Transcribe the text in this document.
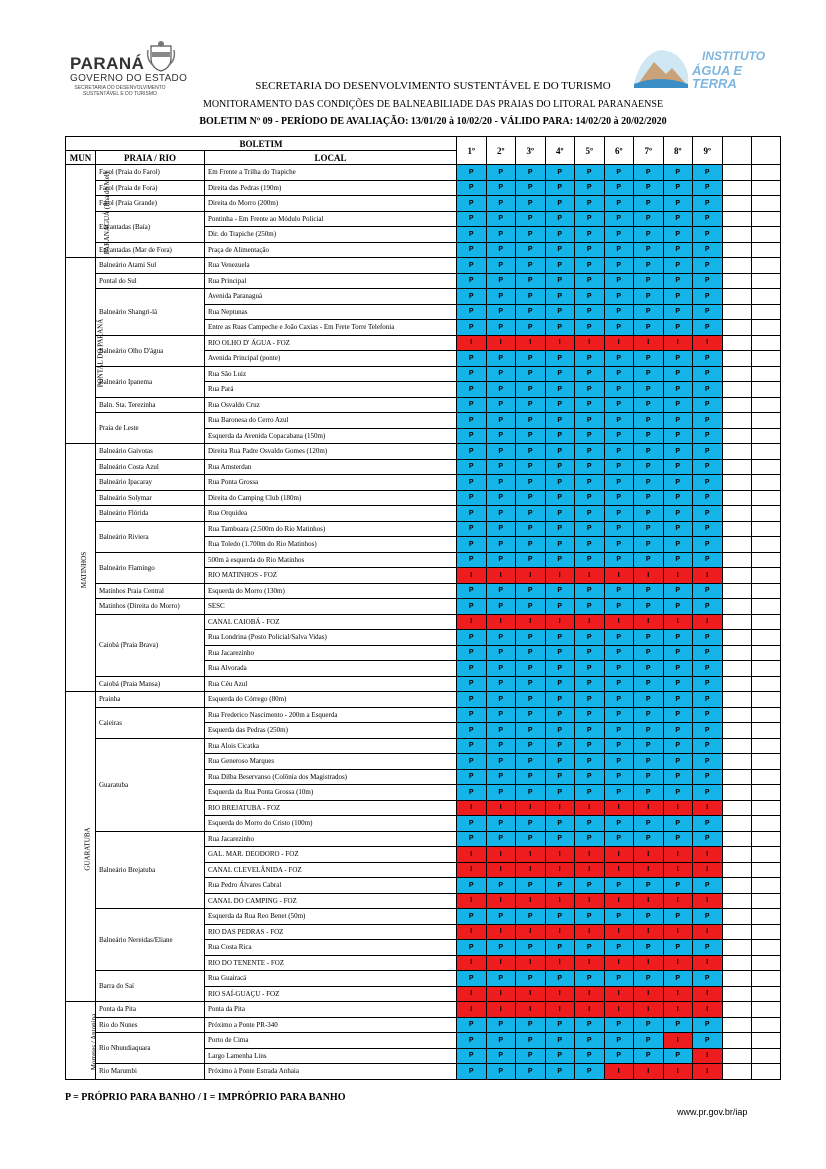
PARANÁ
GOVERNO DO ESTADO
SECRETARIA DO DESENVOLVIMENTO SUSTENTÁVEL E DO TURISMO
INSTITUTO
ÁGUA E TERRA
SECRETARIA DO DESENVOLVIMENTO SUSTENTÁVEL E DO TURISMO
MONITORAMENTO DAS CONDIÇÕES DE BALNEABILIADE DAS PRAIAS DO LITORAL PARANAENSE
BOLETIM Nº 09 - PERÍODO DE AVALIAÇÃO: 13/01/20 à 10/02/20 - VÁLIDO PARA: 14/02/20 à 20/02/2020
BOLETIM			1º	2º	3º	4º	5º	6º	7º	8º	9º		
MUN	PRAIA / RIO	LOCAL											
PARANAGUÁ (Ilha do Mel)	Farol (Praia do Farol)	Em Frente a Trilha do Trapiche	P	P	P	P	P	P	P	P	P		
	Farol (Praia de Fora)	Direita das Pedras (190m)	P	P	P	P	P	P	P	P	P		
	Farol (Praia Grande)	Direita do Morro (200m)	P	P	P	P	P	P	P	P	P		
	Encantadas (Baía)	Pontinha - Em Frente ao Módulo Policial	P	P	P	P	P	P	P	P	P		
		Dir. do Trapiche (250m)	P	P	P	P	P	P	P	P	P		
	Encantadas (Mar de Fora)	Praça de Alimentação	P	P	P	P	P	P	P	P	P		
PONTAL DO PARANÁ	Balneário Atami Sul	Rua Venezuela	P	P	P	P	P	P	P	P	P		
	Pontal do Sul	Rua Principal	P	P	P	P	P	P	P	P	P		
	Balneário Shangri-lá	Avenida Paranaguá	P	P	P	P	P	P	P	P	P		
		Rua Neptunas	P	P	P	P	P	P	P	P	P		
		Entre as Ruas Campeche e João Caxias - Em Frete Torre Telefonia	P	P	P	P	P	P	P	P	P		
	Balneário Olho D'água	RIO OLHO D' ÁGUA - FOZ	I	I	I	I	I	I	I	I	I		
		Avenida Principal (ponte)	P	P	P	P	P	P	P	P	P		
	Balneário Ipanema	Rua São Luiz	P	P	P	P	P	P	P	P	P		
		Rua Pará	P	P	P	P	P	P	P	P	P		
	Baln. Sta. Terezinha	Rua Osvaldo Cruz	P	P	P	P	P	P	P	P	P		
	Praia de Leste	Rua Baronesa do Cerro Azul	P	P	P	P	P	P	P	P	P		
		Esquerda da Avenida Copacabana (150m)	P	P	P	P	P	P	P	P	P		
MATINHOS	Balneário Gaivotas	Direita Rua Padre Osvaldo Gomes (120m)	P	P	P	P	P	P	P	P	P		
	Balneário Costa Azul	Rua Amsterdan	P	P	P	P	P	P	P	P	P		
	Balneário Ipacaray	Rua Ponta Grossa	P	P	P	P	P	P	P	P	P		
	Balneário Solymar	Direita do Camping Club (180m)	P	P	P	P	P	P	P	P	P		
	Balneário Flórida	Rua Orquídea	P	P	P	P	P	P	P	P	P		
	Balneário Riviera	Rua Tamboara (2.500m do Rio Matinhos)	P	P	P	P	P	P	P	P	P		
		Rua Toledo (1.700m do Rio Matinhos)	P	P	P	P	P	P	P	P	P		
	Balneário Flamingo	500m à esquerda do Rio Matinhos	P	P	P	P	P	P	P	P	P		
		RIO MATINHOS - FOZ	I	I	I	I	I	I	I	I	I		
	Matinhos Praia Central	Esquerda do Morro (130m)	P	P	P	P	P	P	P	P	P		
	Matinhos (Direita do Morro)	SESC	P	P	P	P	P	P	P	P	P		
	Caiobá (Praia Brava)	CANAL CAIOBÁ - FOZ	I	I	I	I	I	I	I	I	I		
		Rua Londrina (Posto Policial/Salva Vidas)	P	P	P	P	P	P	P	P	P		
		Rua Jacarezinho	P	P	P	P	P	P	P	P	P		
		Rua Alvorada	P	P	P	P	P	P	P	P	P		
	Caiobá (Praia Mansa)	Rua Céu Azul	P	P	P	P	P	P	P	P	P		
GUARATUBA	Prainha	Esquerda do Córrego (80m)	P	P	P	P	P	P	P	P	P		
	Caieiras	Rua Frederico Nascimento - 200m a Esquerda	P	P	P	P	P	P	P	P	P		
		Esquerda das Pedras (250m)	P	P	P	P	P	P	P	P	P		
	Guaratuba	Rua Alois Cicatka	P	P	P	P	P	P	P	P	P		
		Rua Generoso Marques	P	P	P	P	P	P	P	P	P		
		Rua Dilba Beservanso (Colônia dos Magistrados)	P	P	P	P	P	P	P	P	P		
		Esquerda da Rua Ponta Grossa (10m)	P	P	P	P	P	P	P	P	P		
		RIO BREJATUBA - FOZ	I	I	I	I	I	I	I	I	I		
		Esquerda do Morro do Cristo (100m)	P	P	P	P	P	P	P	P	P		
	Balneário Brejatuba	Rua Jacarezinho	P	P	P	P	P	P	P	P	P		
		GAL. MAR. DEODORO - FOZ	I	I	I	I	I	I	I	I	I		
		CANAL CLEVELÂNIDA - FOZ	I	I	I	I	I	I	I	I	I		
		Rua Pedro Álvares Cabral	P	P	P	P	P	P	P	P	P		
		CANAL DO CAMPING - FOZ	I	I	I	I	I	I	I	I	I		
	Balneário Nereidas/Eliane	Esquerda da Rua Reo Benet (50m)	P	P	P	P	P	P	P	P	P		
		RIO DAS PEDRAS - FOZ	I	I	I	I	I	I	I	I	I		
		Rua Costa Rica	P	P	P	P	P	P	P	P	P		
		RIO DO TENENTE - FOZ	I	I	I	I	I	I	I	I	I		
	Barra do Saí	Rua Guairacá	P	P	P	P	P	P	P	P	P		
		RIO SAÍ-GUAÇU - FOZ	I	I	I	I	I	I	I	I	I		
Morretes / Antonina	Ponta da Pita	Ponta da Pita	I	I	I	I	I	I	I	I	I		
	Rio do Nunes	Próximo a Ponte PR-340	P	P	P	P	P	P	P	P	P		
	Rio Nhundiaquara	Porto de Cima	P	P	P	P	P	P	P	I	P		
		Largo Lamenha Lins	P	P	P	P	P	P	P	P	I		
	Rio Marumbi	Próximo à Ponte Estrada Anhaia	P	P	P	P	P	I	I	I	I		
P = PRÓPRIO PARA BANHO / I = IMPRÓPRIO PARA BANHO
www.pr.gov.br/iap
